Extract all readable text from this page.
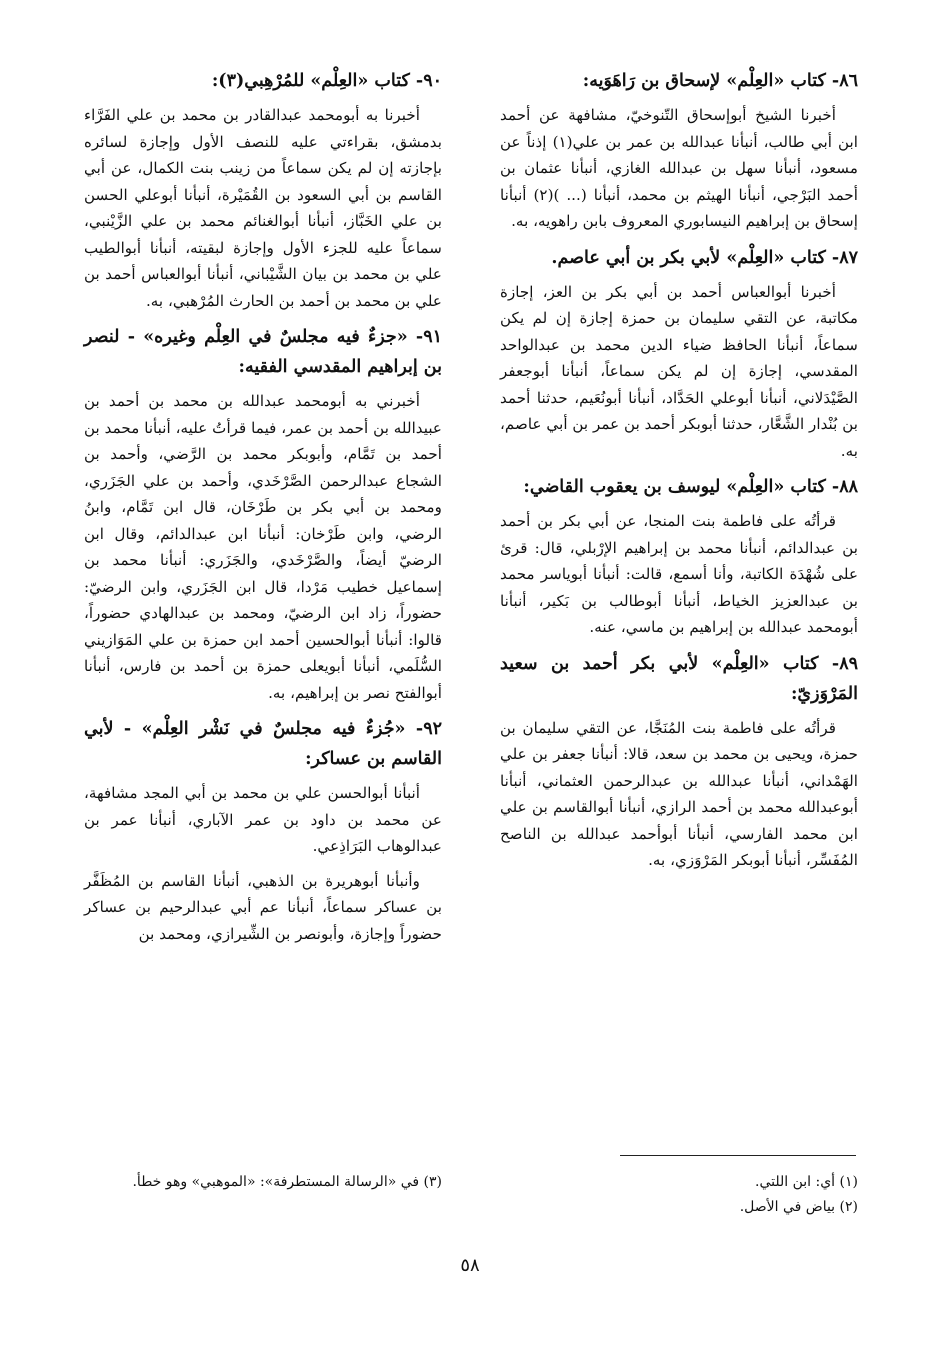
٨٦- كتاب «العِلْم» لإسحاق بن رَاهَوَيه:

أخبرنا الشيخ أبوإسحاق التّنوخيّ، مشافهة عن أحمد ابن أبي طالب، أنبأنا عبدالله بن عمر بن علي(١) إذناً عن مسعود، أنبأنا سهل بن عبدالله الغازي، أنبأنا عثمان بن أحمد البَرْجي، أنبأنا الهيثم بن محمد، أنبأنا (... )(٢) أنبأنا إسحاق بن إبراهيم النيسابوري المعروف بابن راهويه، به.

٨٧- كتاب «العِلْم» لأبي بكر بن أبي عاصم.

أخبرنا أبوالعباس أحمد بن أبي بكر بن العز، إجازة مكاتبة، عن التقي سليمان بن حمزة إجازة إن لم يكن سماعاً، أنبأنا الحافظ ضياء الدين محمد بن عبدالواحد المقدسي، إجازة إن لم يكن سماعاً، أنبأنا أبوجعفر الصَّيْدَلاني، أنبأنا أبوعلي الحَدَّاد، أنبأنا أبونُعَيم، حدثنا أحمد بن بُنْدار الشَّعَّار، حدثنا أبوبكر أحمد بن عمر بن أبي عاصم، به.

٨٨- كتاب «العِلْم» ليوسف بن يعقوب القاضي:

قرأتُه على فاطمة بنت المنجا، عن أبي بكر بن أحمد بن عبدالدائم، أنبأنا محمد بن إبراهيم الإرْبلي، قال: قرئ على شُهْدَة الكاتبة، وأنا أسمع، قالت: أنبأنا أبوياسر محمد بن عبدالعزيز الخياط، أنبأنا أبوطالب بن بَكير، أنبأنا أبومحمد عبدالله بن إبراهيم بن ماسي، عنه.

٨٩- كتاب «العِلْم» لأبي بكر أحمد بن سعيد المَرْوَزيّ:

قرأتُه على فاطمة بنت المُنَجَّا، عن التقي سليمان بن حمزة، ويحيى بن محمد بن سعد، قالا: أنبأنا جعفر بن علي الهَمْداني، أنبأنا عبدالله بن عبدالرحمن العثماني، أنبأنا أبوعبدالله محمد بن أحمد الرازي، أنبأنا أبوالقاسم بن علي ابن محمد الفارسي، أنبأنا أبوأحمد عبدالله بن الناصح المُفَسِّر، أنبأنا أبوبكر المَرْوَزي، به.

٩٠- كتاب «العِلْم» للمُرْهِبي(٣):

أخبرنا به أبومحمد عبدالقادر بن محمد بن علي الفَرَّاء بدمشق، بقراءتي عليه للنصف الأول وإجازة لسائره بإجازته إن لم يكن سماعاً من زينب بنت الكمال، عن أبي القاسم بن أبي السعود بن القُمَيْرة، أنبأنا أبوعلي الحسن بن علي الخَبَّاز، أنبأنا أبوالغنائم محمد بن علي الزَّيْنبي، سماعاً عليه للجزء الأول وإجازة لبقيته، أنبأنا أبوالطيب علي بن محمد بن بيان الشَّيْباني، أنبأنا أبوالعباس أحمد بن علي بن محمد بن أحمد بن الحارث المُرْهبي، به.

٩١- «جزءٌ فيه مجلسٌ في العِلْم وغيره» - لنصر بن إبراهيم المقدسي الفقيه:

أخبرني به أبومحمد عبدالله بن محمد بن أحمد بن عبيدالله بن أحمد بن عمر، فيما قرأتُ عليه، أنبأنا محمد بن أحمد بن تَمَّام، وأبوبكر محمد بن الرَّضي، وأحمد بن الشجاع عبدالرحمن الصَّرْخَدي، وأحمد بن علي الجَزَري، ومحمد بن أبي بكر بن طَرْخَان، قال ابن تَمَّام، وابنُ الرضي، وابن طَرْخان: أنبأنا ابن عبدالدائم، وقال ابن الرضيّ أيضاً، والصَّرْخَدي، والجَزَري: أنبأنا محمد بن إسماعيل خطيب مَرْدا، قال ابن الجَزَري، وابن الرضيّ: حضوراً، زاد ابن الرضيّ، ومحمد بن عبدالهادي حضوراً، قالوا: أنبأنا أبوالحسين أحمد ابن حمزة بن علي المَوَازيني السُّلَمي، أنبأنا أبويعلى حمزة بن أحمد بن فارس، أنبأنا أبوالفتح نصر بن إبراهيم، به.

٩٢- «جُزءٌ فيه مجلسٌ في نَشْر العِلْم» - لأبي القاسم بن عساكر:

أنبأنا أبوالحسن علي بن محمد بن أبي المجد مشافهة، عن محمد بن داود بن عمر الآباري، أنبأنا عمر بن عبدالوهاب البَرَاذِعي.

وأنبأنا أبوهريرة بن الذهبي، أنبأنا القاسم بن المُظَفَّر بن عساكر سماعاً، أنبأنا عم أبي عبدالرحيم بن عساكر حضوراً وإجازة، وأبونصر بن الشِّيرازي، ومحمد بن

(١) أي: ابن اللتي.

(٢) بياض في الأصل.

(٣) في «الرسالة المستطرفة»: «الموهبي» وهو خطأ.

٥٨
